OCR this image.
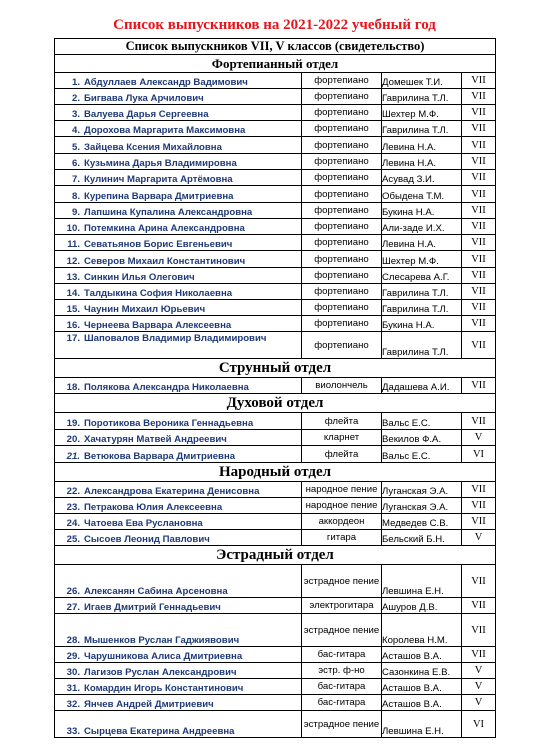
Список выпускников на 2021-2022 учебный год
Список выпускников VII, V классов (свидетельство)			
Фортепианный отдел			
1. Абдуллаев Александр Вадимович	фортепиано	Домешек Т.И.	VII
2. Бигвава Лука Арчилович	фортепиано	Гаврилина Т.Л.	VII
3. Валуева Дарья Сергеевна	фортепиано	Шехтер М.Ф.	VII
4. Дорохова Маргарита Максимовна	фортепиано	Гаврилина Т.Л.	VII
5. Зайцева Ксения Михайловна	фортепиано	Левина Н.А.	VII
6. Кузьмина Дарья Владимировна	фортепиано	Левина Н.А.	VII
7. Кулинич Маргарита Артёмовна	фортепиано	Асувад З.И.	VII
8. Курепина Варвара Дмитриевна	фортепиано	Обыдена Т.М.	VII
9. Лапшина Купалина Александровна	фортепиано	Букина Н.А.	VII
10. Потемкина Арина Александровна	фортепиано	Али-заде И.Х.	VII
11. Севатьянов Борис Евгеньевич	фортепиано	Левина Н.А.	VII
12. Северов Михаил Константинович	фортепиано	Шехтер М.Ф.	VII
13. Синкин Илья Олегович	фортепиано	Слесарева А.Г.	VII
14. Талдыкина София Николаевна	фортепиано	Гаврилина Т.Л.	VII
15. Чаунин Михаил Юрьевич	фортепиано	Гаврилина Т.Л.	VII
16. Чернеева Варвара Алексеевна	фортепиано	Букина Н.А.	VII

17. Шаповалов Владимир Владимирович	фортепиано	Гаврилина Т.Л.	VII
Струнный отдел			
18. Полякова Александра Николаевна	виолончель	Дадашева А.И.	VII
Духовой отдел			
19. Поротикова Вероника Геннадьевна	флейта	Вальс Е.С.	VII
20. Хачатурян Матвей Андреевич	кларнет	Векилов Ф.А.	V
21. Ветюкова Варвара Дмитриевна	флейта	Вальс Е.С.	VI
Народный отдел			
22. Александрова Екатерина Денисовна	народное пение	Луганская Э.А.	VII
23. Петракова Юлия Алексеевна	народное пение	Луганская Э.А.	VII
24. Чатоева Ева Руслановна	аккордеон	Медведев С.В.	VII
25. Сысоев Леонид Павлович	гитара	Бельский Б.Н.	V
Эстрадный отдел			
26. Алексанян Сабина Арсеновна	эстрадное пение	Левшина Е.Н.	VII
27. Игаев Дмитрий Геннадьевич	электрогитара	Ашуров Д.В.	VII
28. Мышенков Руслан Гаджиявович	эстрадное пение	Королева Н.М.	VII
29. Чарушникова Алиса Дмитриевна	бас-гитара	Асташов В.А.	VII
30. Лагизов Руслан Александрович	эстр. ф-но	Сазонкина Е.В.	V
31. Комардин Игорь Константинович	бас-гитара	Асташов В.А.	V
32. Янчев Андрей Дмитриевич	бас-гитара	Асташов В.А.	V
33. Сырцева Екатерина Андреевна	эстрадное пение	Левшина Е.Н.	VI
